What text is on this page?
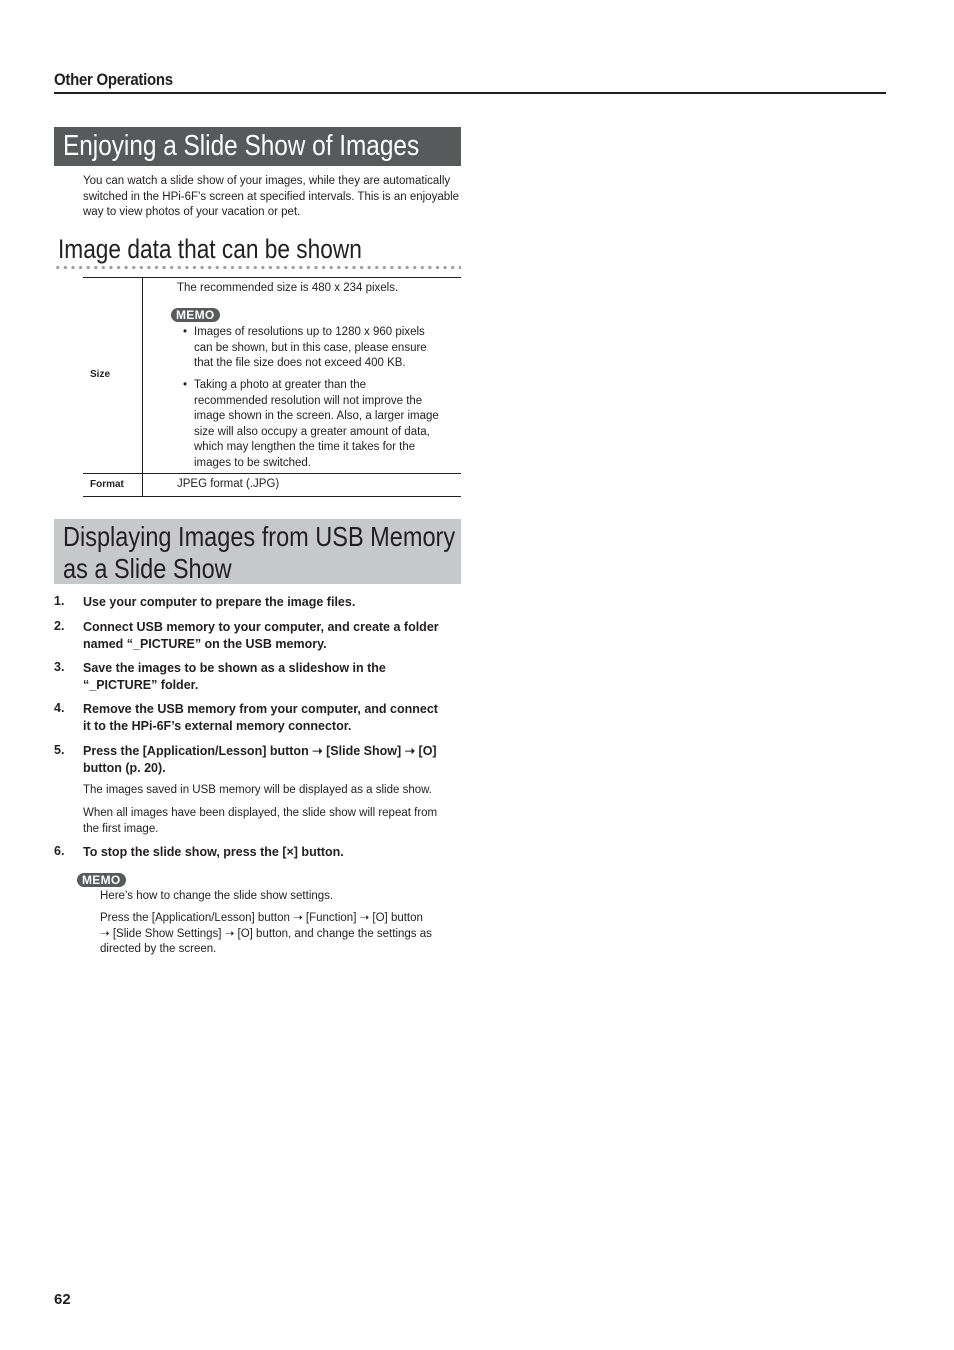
Other Operations
Enjoying a Slide Show of Images
You can watch a slide show of your images, while they are automatically switched in the HPi-6F’s screen at specified intervals. This is an enjoyable way to view photos of your vacation or pet.
Image data that can be shown
Size
The recommended size is 480 x 234 pixels.
MEMO
• Images of resolutions up to 1280 x 960 pixels
can be shown, but in this case, please ensure
that the file size does not exceed 400 KB.
• Taking a photo at greater than the
recommended resolution will not improve the
image shown in the screen. Also, a larger image
size will also occupy a greater amount of data,
which may lengthen the time it takes for the
images to be switched.
Format	JPEG format (.JPG)
Displaying Images from USB Memory as a Slide Show
1. Use your computer to prepare the image files.
2. Connect USB memory to your computer, and create a folder
named “_PICTURE” on the USB memory.
3. Save the images to be shown as a slideshow in the
“_PICTURE” folder.
4. Remove the USB memory from your computer, and connect
it to the HPi-6F’s external memory connector.
5. Press the [Application/Lesson] button ➝ [Slide Show] ➝ [O]
button (p. 20).
The images saved in USB memory will be displayed as a slide show.
When all images have been displayed, the slide show will repeat from
the first image.
6. To stop the slide show, press the [×] button.
MEMO
Here’s how to change the slide show settings.
Press the [Application/Lesson] button ➝ [Function] ➝ [O] button
➝ [Slide Show Settings] ➝ [O] button, and change the settings as
directed by the screen.
62
